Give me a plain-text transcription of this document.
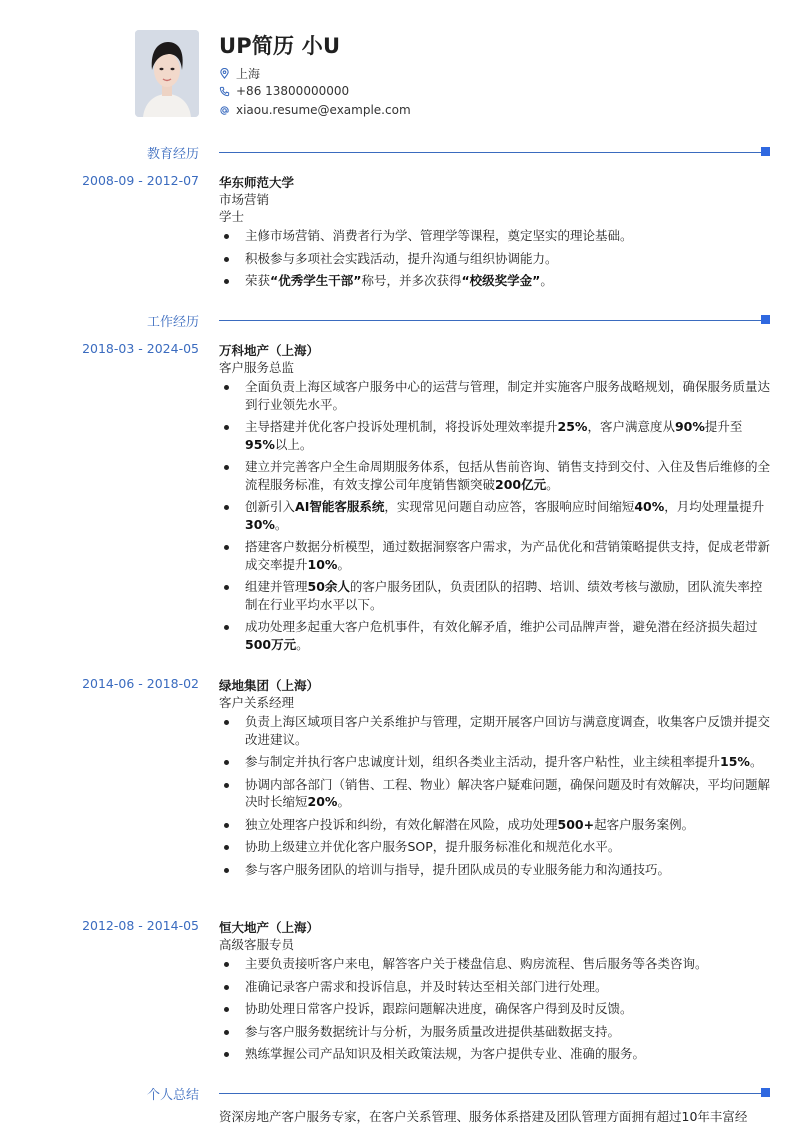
UP简历 小U
上海
+86 13800000000
xiaou.resume@example.com
教育经历
2008-09 - 2012-07 华东师范大学
市场营销
学士
主修市场营销、消费者行为学、管理学等课程，奠定坚实的理论基础。
积极参与多项社会实践活动，提升沟通与组织协调能力。
荣获“优秀学生干部”称号，并多次获得“校级奖学金”。
工作经历
2018-03 - 2024-05 万科地产（上海）
客户服务总监
全面负责上海区域客户服务中心的运营与管理，制定并实施客户服务战略规划，确保服务质量达到行业领先水平。
主导搭建并优化客户投诉处理机制，将投诉处理效率提升25%，客户满意度从90%提升至95%以上。
建立并完善客户全生命周期服务体系，包括从售前咨询、销售支持到交付、入住及售后维修的全流程服务标准，有效支撑公司年度销售额突破200亿元。
创新引入AI智能客服系统，实现常见问题自动应答，客服响应时间缩短40%，月均处理量提升30%。
搭建客户数据分析模型，通过数据洞察客户需求，为产品优化和营销策略提供支持，促成老带新成交率提升10%。
组建并管理50余人的客户服务团队，负责团队的招聘、培训、绩效考核与激励，团队流失率控制在行业平均水平以下。
成功处理多起重大客户危机事件，有效化解矛盾，维护公司品牌声誉，避免潜在经济损失超过500万元。
2014-06 - 2018-02 绿地集团（上海）
客户关系经理
负责上海区域项目客户关系维护与管理，定期开展客户回访与满意度调查，收集客户反馈并提交改进建议。
参与制定并执行客户忠诚度计划，组织各类业主活动，提升客户粘性，业主续租率提升15%。
协调内部各部门（销售、工程、物业）解决客户疑难问题，确保问题及时有效解决，平均问题解决时长缩短20%。
独立处理客户投诉和纠纷，有效化解潜在风险，成功处理500+起客户服务案例。
协助上级建立并优化客户服务SOP，提升服务标准化和规范化水平。
参与客户服务团队的培训与指导，提升团队成员的专业服务能力和沟通技巧。
2012-08 - 2014-05 恒大地产（上海）
高级客服专员
主要负责接听客户来电，解答客户关于楼盘信息、购房流程、售后服务等各类咨询。
准确记录客户需求和投诉信息，并及时转达至相关部门进行处理。
协助处理日常客户投诉，跟踪问题解决进度，确保客户得到及时反馈。
参与客户服务数据统计与分析，为服务质量改进提供基础数据支持。
熟练掌握公司产品知识及相关政策法规，为客户提供专业、准确的服务。
个人总结
资深房地产客户服务专家，在客户关系管理、服务体系搭建及团队管理方面拥有超过10年丰富经
